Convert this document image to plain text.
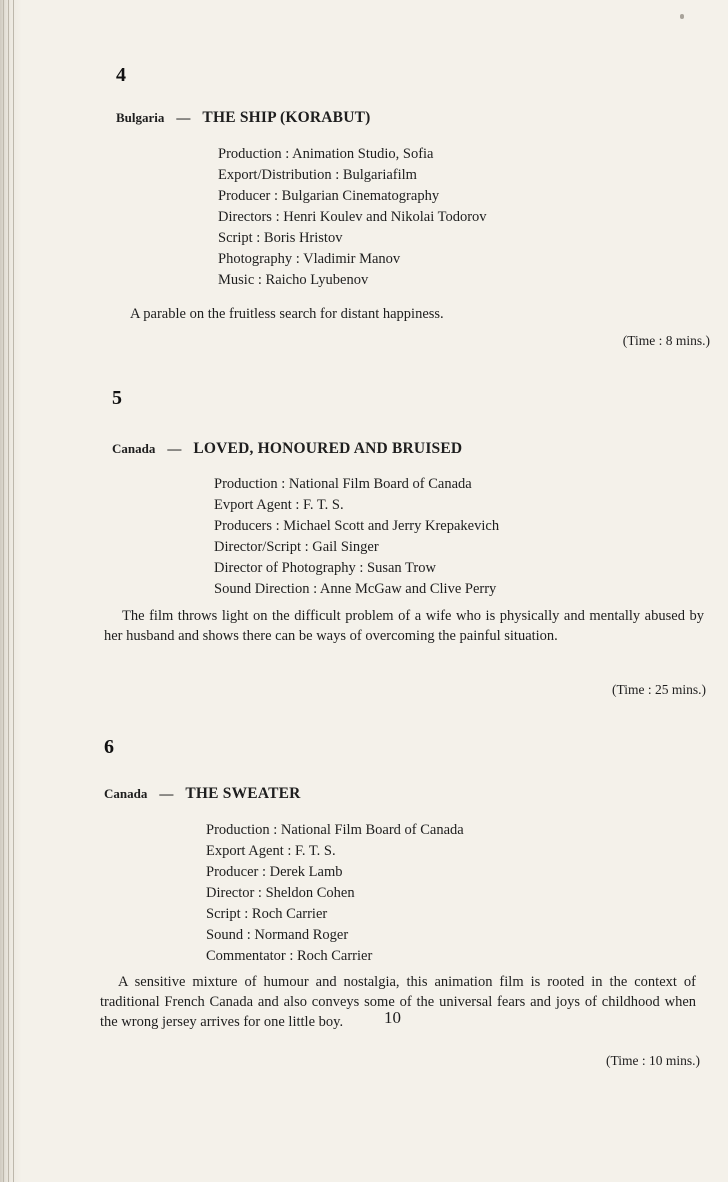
4
Bulgaria — THE SHIP (KORABUT)
Production : Animation Studio, Sofia
Export/Distribution : Bulgariafilm
Producer : Bulgarian Cinematography
Directors : Henri Koulev and Nikolai Todorov
Script : Boris Hristov
Photography : Vladimir Manov
Music : Raicho Lyubenov
A parable on the fruitless search for distant happiness.
(Time : 8 mins.)
5
Canada — LOVED, HONOURED AND BRUISED
Production : National Film Board of Canada
Evport Agent : F. T. S.
Producers : Michael Scott and Jerry Krepakevich
Director/Script : Gail Singer
Director of Photography : Susan Trow
Sound Direction : Anne McGaw and Clive Perry
The film throws light on the difficult problem of a wife who is physically and mentally abused by her husband and shows there can be ways of overcoming the painful situation.
(Time : 25 mins.)
6
Canada — THE SWEATER
Production : National Film Board of Canada
Export Agent : F. T. S.
Producer : Derek Lamb
Director : Sheldon Cohen
Script : Roch Carrier
Sound : Normand Roger
Commentator : Roch Carrier
A sensitive mixture of humour and nostalgia, this animation film is rooted in the context of traditional French Canada and also conveys some of the universal fears and joys of childhood when the wrong jersey arrives for one little boy.
(Time : 10 mins.)
10
